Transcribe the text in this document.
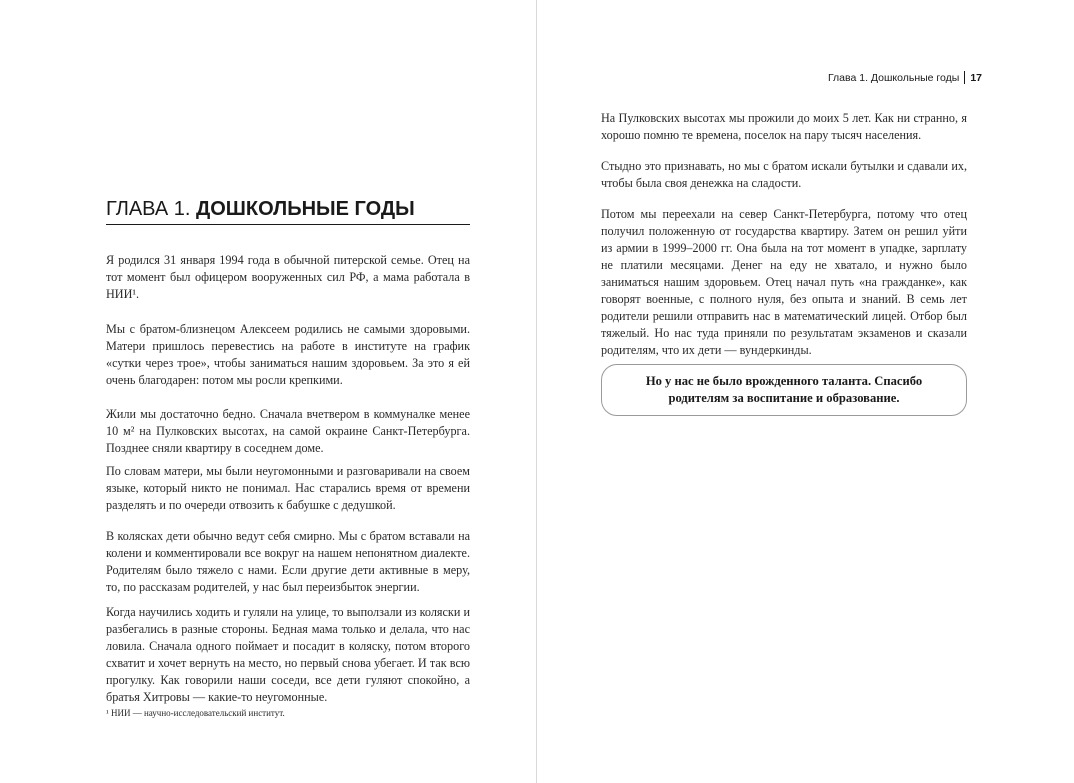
ГЛАВА 1. ДОШКОЛЬНЫЕ ГОДЫ

Я родился 31 января 1994 года в обычной питерской семье. Отец на тот момент был офицером вооруженных сил РФ, а мама работала в НИИ¹.

Мы с братом-близнецом Алексеем родились не самыми здоровыми. Матери пришлось перевестись на работе в институте на график «сутки через трое», чтобы заниматься нашим здоровьем. За это я ей очень благодарен: потом мы росли крепкими.

Жили мы достаточно бедно. Сначала вчетвером в коммуналке менее 10 м² на Пулковских высотах, на самой окраине Санкт-Петербурга. Позднее сняли квартиру в соседнем доме.

По словам матери, мы были неугомонными и разговаривали на своем языке, который никто не понимал. Нас старались время от времени разделять и по очереди отвозить к бабушке с дедушкой.

В колясках дети обычно ведут себя смирно. Мы с братом вставали на колени и комментировали все вокруг на нашем непонятном диалекте. Родителям было тяжело с нами. Если другие дети активные в меру, то, по рассказам родителей, у нас был переизбыток энергии.

Когда научились ходить и гуляли на улице, то выползали из коляски и разбегались в разные стороны. Бедная мама только и делала, что нас ловила. Сначала одного поймает и посадит в коляску, потом второго схватит и хочет вернуть на место, но первый снова убегает. И так всю прогулку. Как говорили наши соседи, все дети гуляют спокойно, а братья Хитровы — какие-то неугомонные.

¹ НИИ — научно-исследовательский институт.
Глава 1. Дошкольные годы 17

На Пулковских высотах мы прожили до моих 5 лет. Как ни странно, я хорошо помню те времена, поселок на пару тысяч населения.

Стыдно это признавать, но мы с братом искали бутылки и сдавали их, чтобы была своя денежка на сладости.

Потом мы переехали на север Санкт-Петербурга, потому что отец получил положенную от государства квартиру. Затем он решил уйти из армии в 1999–2000 гг. Она была на тот момент в упадке, зарплату не платили месяцами. Денег на еду не хватало, и нужно было заниматься нашим здоровьем. Отец начал путь «на гражданке», как говорят военные, с полного нуля, без опыта и знаний. В семь лет родители решили отправить нас в математический лицей. Отбор был тяжелый. Но нас туда приняли по результатам экзаменов и сказали родителям, что их дети — вундеркинды.

Но у нас не было врожденного таланта. Спасибо родителям за воспитание и образование.
